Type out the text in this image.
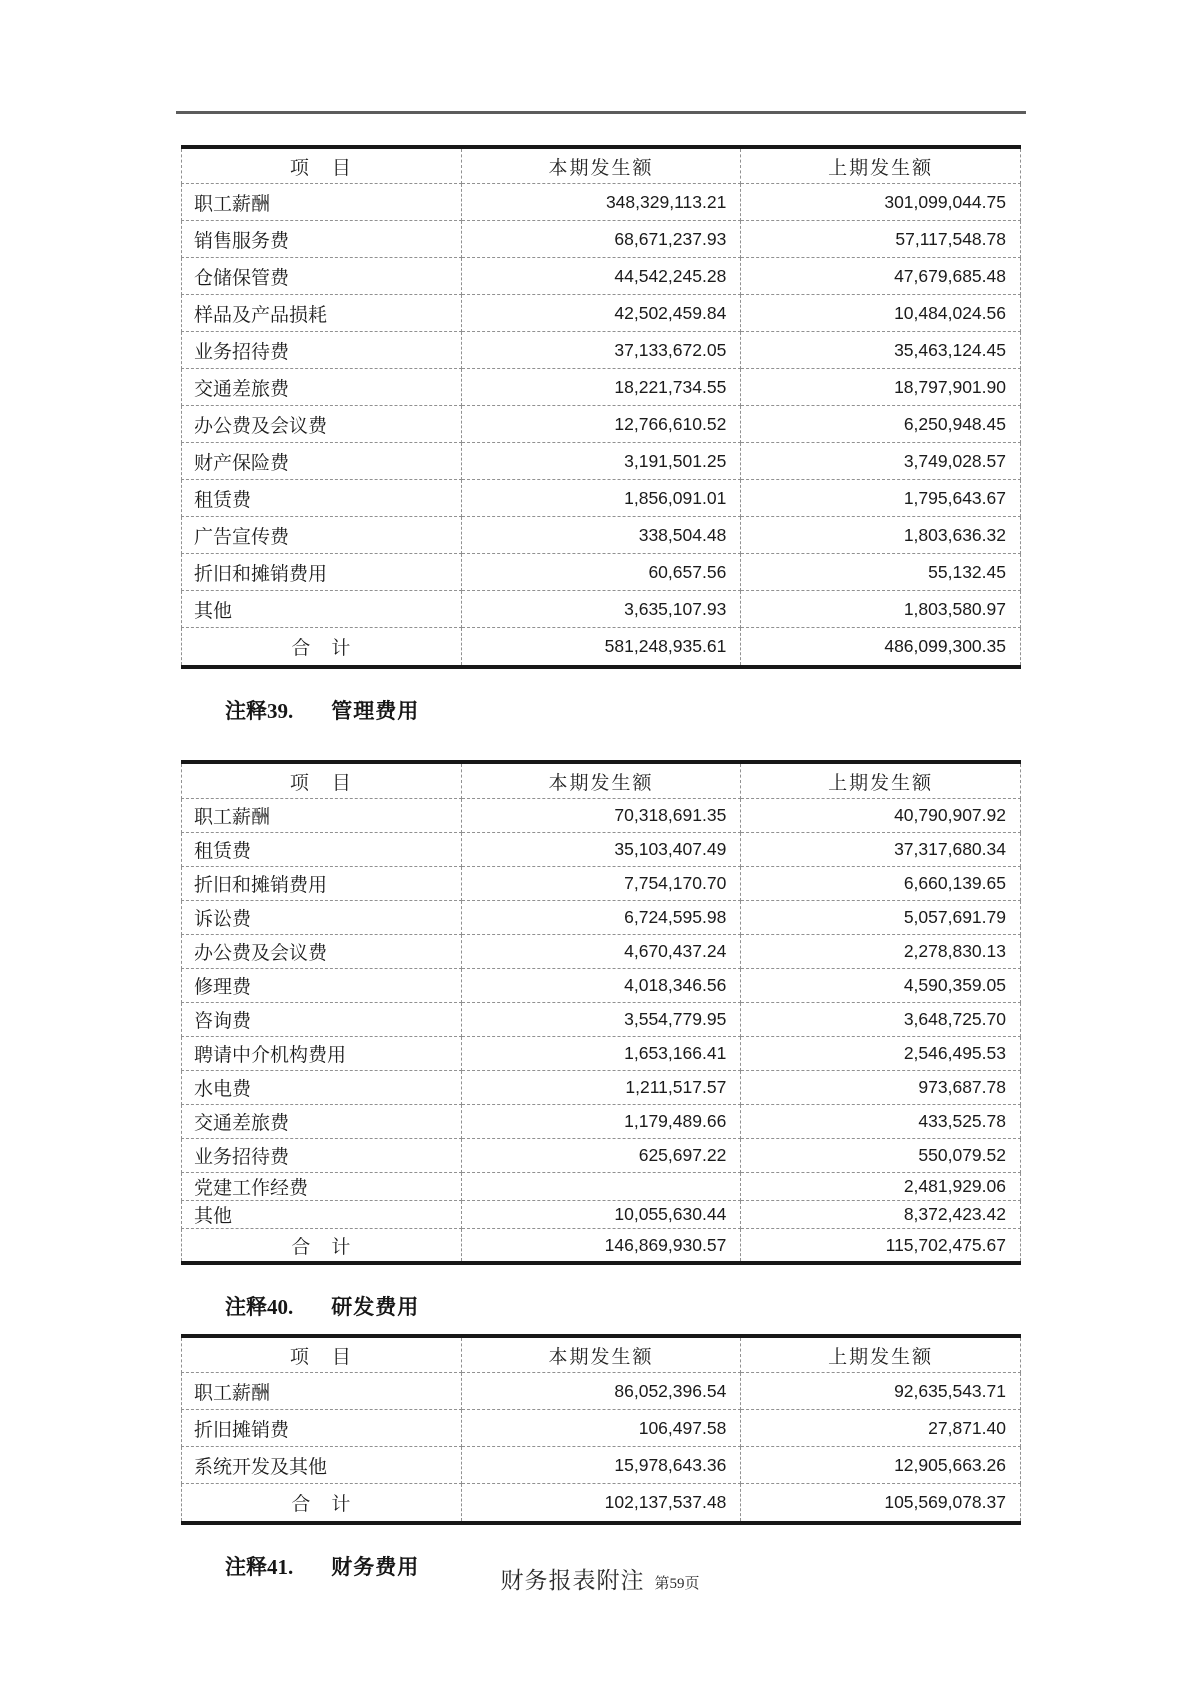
项　目	本期发生额	上期发生额
职工薪酬	348,329,113.21	301,099,044.75
销售服务费	68,671,237.93	57,117,548.78
仓储保管费	44,542,245.28	47,679,685.48
样品及产品损耗	42,502,459.84	10,484,024.56
业务招待费	37,133,672.05	35,463,124.45
交通差旅费	18,221,734.55	18,797,901.90
办公费及会议费	12,766,610.52	6,250,948.45
财产保险费	3,191,501.25	3,749,028.57
租赁费	1,856,091.01	1,795,643.67
广告宣传费	338,504.48	1,803,636.32
折旧和摊销费用	60,657.56	55,132.45
其他	3,635,107.93	1,803,580.97
合　计	581,248,935.61	486,099,300.35
注释39. 管理费用
项　目	本期发生额	上期发生额
职工薪酬	70,318,691.35	40,790,907.92
租赁费	35,103,407.49	37,317,680.34
折旧和摊销费用	7,754,170.70	6,660,139.65
诉讼费	6,724,595.98	5,057,691.79
办公费及会议费	4,670,437.24	2,278,830.13
修理费	4,018,346.56	4,590,359.05
咨询费	3,554,779.95	3,648,725.70
聘请中介机构费用	1,653,166.41	2,546,495.53
水电费	1,211,517.57	973,687.78
交通差旅费	1,179,489.66	433,525.78
业务招待费	625,697.22	550,079.52
党建工作经费		2,481,929.06
其他	10,055,630.44	8,372,423.42
合　计	146,869,930.57	115,702,475.67
注释40. 研发费用
项　目	本期发生额	上期发生额
职工薪酬	86,052,396.54	92,635,543.71
折旧摊销费	106,497.58	27,871.40
系统开发及其他	15,978,643.36	12,905,663.26
合　计	102,137,537.48	105,569,078.37
注释41. 财务费用
财务报表附注 第59页
